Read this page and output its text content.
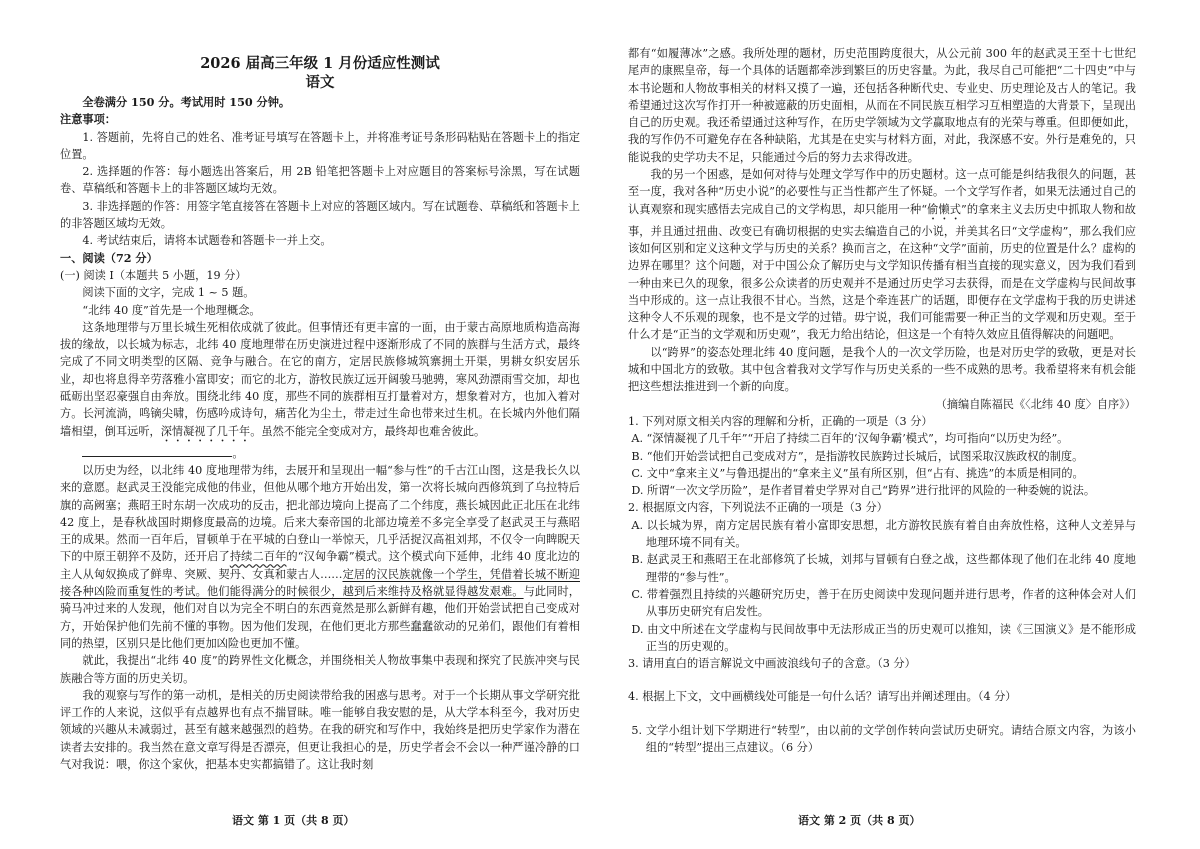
2026 届高三年级 1 月份适应性测试
语文

全卷满分 150 分。考试用时 150 分钟。

注意事项：

1. 答题前，先将自己的姓名、准考证号填写在答题卡上，并将准考证号条形码粘贴在答题卡上的指定位置。

2. 选择题的作答：每小题选出答案后，用 2B 铅笔把答题卡上对应题目的答案标号涂黑，写在试题卷、草稿纸和答题卡上的非答题区域均无效。

3. 非选择题的作答：用签字笔直接答在答题卡上对应的答题区域内。写在试题卷、草稿纸和答题卡上的非答题区域均无效。

4. 考试结束后，请将本试题卷和答题卡一并上交。

一、阅读（72 分）

(一) 阅读 Ⅰ（本题共 5 小题，19 分）

阅读下面的文字，完成 1 ~ 5 题。

“北纬 40 度”首先是一个地理概念。

这条地理带与万里长城生死相依成就了彼此。但事情还有更丰富的一面，由于蒙古高原地质构造高海拔的缘故，以长城为标志，北纬 40 度地理带在历史演进过程中逐渐形成了不同的族群与生活方式，最终完成了不同文明类型的区隔、竞争与融合。在它的南方，定居民族修城筑寨拥土开渠，男耕女织安居乐业，却也将息得辛劳落雅小富即安；而它的北方，游牧民族辽远开阔骏马驰骋，寒风劲漂雨雪交加，却也砥砺出坚忍豪强自由奔放。围绕北纬 40 度，那些不同的族群相互打量着对方，想象着对方，也加入着对方。长河流淌，鸣镝尖啸，伤感吟成诗句，痛苦化为尘土，带走过生命也带来过生机。在长城内外他们隔墙相望，倒耳远听，深情凝视了几千年。虽然不能完全变成对方，最终却也难舍彼此。

。

以历史为经，以北纬 40 度地理带为纬，去展开和呈现出一幅“参与性”的千古江山图，这是我长久以来的意愿。赵武灵王没能完成他的伟业，但他从哪个地方开始出发，第一次将长城向西修筑到了乌拉特后旗的高阙塞；燕昭王时东胡一次成功的反击，把北部边境向上提高了二个纬度，燕长城因此正北压在北纬 42 度上，是春秋战国时期修度最高的边境。后来大秦帝国的北部边境差不多完全享受了赵武灵王与燕昭王的成果。然而一百年后，冒顿单于在平城的白登山一举惊天，几乎活捉汉高祖刘邦，不仅令一向睥睨天下的中原王朝猝不及防，还开启了持续二百年的“汉匈争霸”模式。这个模式向下延伸，北纬 40 度北边的主人从匈奴换成了鲜卑、突厥、契丹、女真和蒙古人……定居的汉民族就像一个学生，凭借着长城不断迎接各种凶险而重复性的考试。他们能得满分的时候很少，越到后来维持及格就显得越发艰难。与此同时，骑马冲过来的人发现，他们对自以为完全不明白的东西竟然是那么新鲜有趣，他们开始尝试把自己变成对方，开始保护他们先前不懂的事物。因为他们发现，在他们更北方那些蠢蠢欲动的兄弟们，跟他们有着相同的热望，区别只是比他们更加凶险也更加不懂。

就此，我提出“北纬 40 度”的跨界性文化概念，并围绕相关人物故事集中表现和探究了民族冲突与民族融合等方面的历史关切。

我的观察与写作的第一动机，是相关的历史阅读带给我的困惑与思考。对于一个长期从事文学研究批评工作的人来说，这似乎有点越界也有点不揣冒昧。唯一能够自我安慰的是，从大学本科至今，我对历史领域的兴趣从未减弱过，甚至有越来越强烈的趋势。在我的研究和写作中，我始终是把历史学家作为潜在读者去安排的。我当然在意文章写得是否漂亮，但更让我担心的是，历史学者会不会以一种严谨冷静的口气对我说：喂，你这个家伙，把基本史实都搞错了。这让我时刻

都有“如履薄冰”之感。我所处理的题材，历史范围跨度很大，从公元前 300 年的赵武灵王至十七世纪尾声的康熙皇帝，每一个具体的话题都牵涉到繁巨的历史容量。为此，我尽自己可能把“二十四史”中与本书论题和人物故事相关的材料又摸了一遍，还包括各种断代史、专业史、历史理论及古人的笔记。我希望通过这次写作打开一种被遮蔽的历史面相，从而在不同民族互相学习互相塑造的大背景下，呈现出自己的历史观。我还希望通过这种写作，在历史学领域为文学赢取地点有的光荣与尊重。但即便如此，我的写作仍不可避免存在各种缺陷，尤其是在史实与材料方面，对此，我深感不安。外行是难免的，只能说我的史学功夫不足，只能通过今后的努力去求得改进。

我的另一个困惑，是如何对待与处理文学写作中的历史题材。这一点可能是纠结我很久的问题，甚至一度，我对各种“历史小说”的必要性与正当性都产生了怀疑。一个文学写作者，如果无法通过自己的认真观察和现实感悟去完成自己的文学构思，却只能用一种“偷懒式”的拿来主义去历史中抓取人物和故事，并且通过扭曲、改变已有确切根据的史实去编造自己的小说，并美其名曰“文学虚构”，那么我们应该如何区别和定义这种文学与历史的关系？换而言之，在这种“文学”面前，历史的位置是什么？虚构的边界在哪里？这个问题，对于中国公众了解历史与文学知识传播有相当直接的现实意义，因为我们看到一种由来已久的现象，很多公众读者的历史观并不是通过历史学习去获得，而是在文学虚构与民间故事当中形成的。这一点让我很不甘心。当然，这是个牵连甚广的话题，即便存在文学虚构于我的历史讲述这种令人不乐观的现象，也不是文学的过错。毋宁说，我们可能需要一种正当的文学观和历史观。至于什么才是“正当的文学观和历史观”，我无力给出结论，但这是一个有特久效应且值得解决的问题吧。

以“跨界”的姿态处理北纬 40 度问题，是我个人的一次文学历险，也是对历史学的致敬，更是对长城和中国北方的致敬。其中包含着我对文学写作与历史关系的一些不成熟的思考。我希望将来有机会能把这些想法推进到一个新的向度。

（摘编自陈福民《〈北纬 40 度〉自序》）

1. 下列对原文相关内容的理解和分析，正确的一项是（3 分）

A. “深情凝视了几千年”“开启了持续二百年的‘汉匈争霸’模式”，均可指向“以历史为经”。

B. “他们开始尝试把自己变成对方”，是指游牧民族跨过长城后，试图采取汉族政权的制度。

C. 文中“拿来主义”与鲁迅提出的“拿来主义”虽有所区别，但“占有、挑选”的本质是相同的。

D. 所谓“一次文学历险”，是作者冒着史学界对自己“跨界”进行批评的风险的一种委婉的说法。

2. 根据原文内容，下列说法不正确的一项是（3 分）

A. 以长城为界，南方定居民族有着小富即安思想，北方游牧民族有着自由奔放性格，这种人文差异与地理环境不同有关。

B. 赵武灵王和燕昭王在北部修筑了长城，刘邦与冒顿有白登之战，这些都体现了他们在北纬 40 度地理带的“参与性”。

C. 带着强烈且持续的兴趣研究历史，善于在历史阅读中发现问题并进行思考，作者的这种体会对人们从事历史研究有启发性。

D. 由文中所述在文学虚构与民间故事中无法形成正当的历史观可以推知，读《三国演义》是不能形成正当的历史观的。

3. 请用直白的语言解说文中画波浪线句子的含意。（3 分）

4. 根据上下文，文中画横线处可能是一句什么话？请写出并阐述理由。（4 分）

5. 文学小组计划下学期进行“转型”，由以前的文学创作转向尝试历史研究。请结合原文内容，为该小组的“转型”提出三点建议。（6 分）

语文 第 1 页（共 8 页）	语文 第 2 页（共 8 页）
